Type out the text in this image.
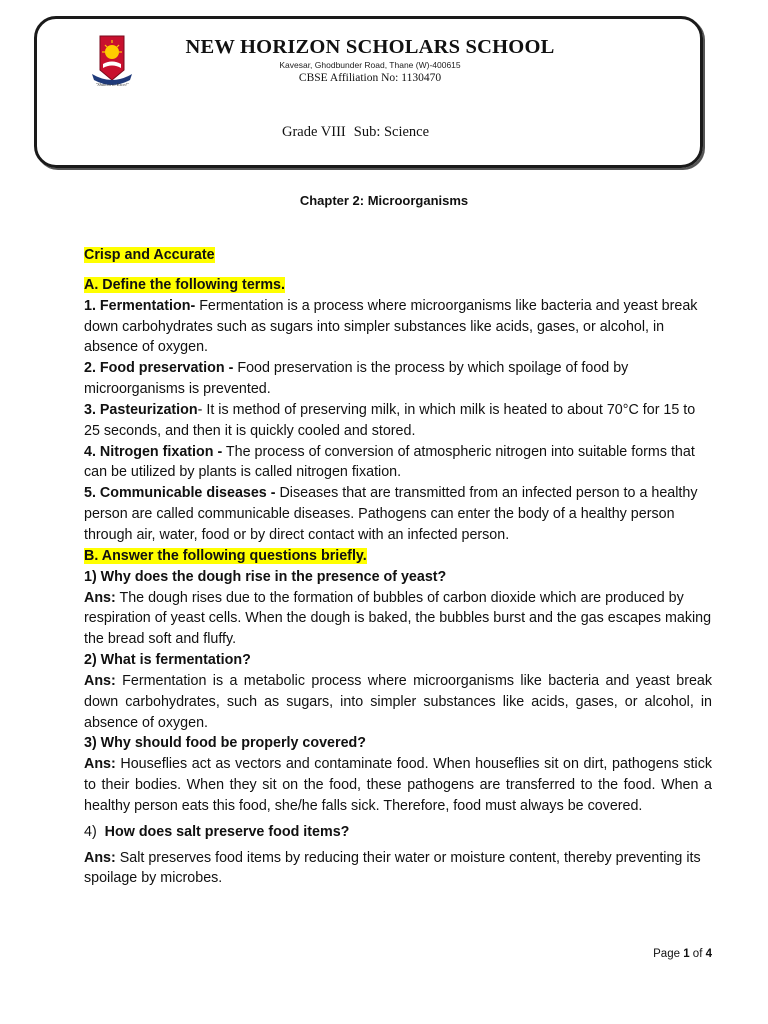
"Shalom to Excel"
NEW HORIZON SCHOLARS SCHOOL
Kavesar, Ghodbunder Road, Thane (W)-400615
CBSE Affiliation No: 1130470
Grade VIII Sub: Science
Chapter 2: Microorganisms

Crisp and Accurate

A. Define the following terms.

1. Fermentation- Fermentation is a process where microorganisms like bacteria and yeast break down carbohydrates such as sugars into simpler substances like acids, gases, or alcohol, in absence of oxygen.

2. Food preservation - Food preservation is the process by which spoilage of food by microorganisms is prevented.

3. Pasteurization- It is method of preserving milk, in which milk is heated to about 70°C for 15 to 25 seconds, and then it is quickly cooled and stored.

4. Nitrogen fixation - The process of conversion of atmospheric nitrogen into suitable forms that can be utilized by plants is called nitrogen fixation.

5. Communicable diseases - Diseases that are transmitted from an infected person to a healthy person are called communicable diseases. Pathogens can enter the body of a healthy person through air, water, food or by direct contact with an infected person.

B. Answer the following questions briefly.

1) Why does the dough rise in the presence of yeast?

Ans: The dough rises due to the formation of bubbles of carbon dioxide which are produced by respiration of yeast cells. When the dough is baked, the bubbles burst and the gas escapes making the bread soft and fluffy.

2) What is fermentation?

Ans: Fermentation is a metabolic process where microorganisms like bacteria and yeast break down carbohydrates, such as sugars, into simpler substances like acids, gases, or alcohol, in absence of oxygen.

3) Why should food be properly covered?

Ans: Houseflies act as vectors and contaminate food. When houseflies sit on dirt, pathogens stick to their bodies. When they sit on the food, these pathogens are transferred to the food. When a healthy person eats this food, she/he falls sick. Therefore, food must always be covered.

4) How does salt preserve food items?

Ans: Salt preserves food items by reducing their water or moisture content, thereby preventing its spoilage by microbes.

Page 1 of 4
